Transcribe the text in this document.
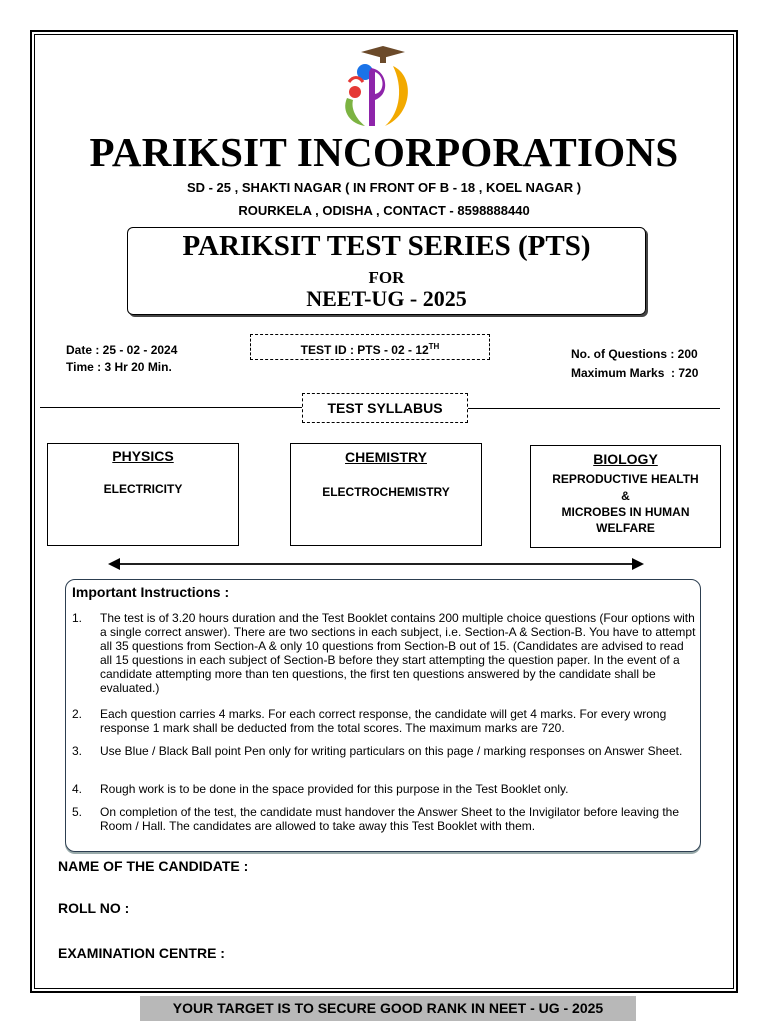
PARIKSIT INCORPORATIONS
SD - 25 , SHAKTI NAGAR ( IN FRONT OF B - 18 , KOEL NAGAR )
ROURKELA , ODISHA , CONTACT - 8598888440
PARIKSIT TEST SERIES (PTS)
FOR
NEET-UG - 2025
Date : 25 - 02 - 2024
Time : 3 Hr 20 Min.
TEST ID : PTS - 02 - 12TH
No. of Questions : 200
Maximum Marks  : 720
TEST SYLLABUS
PHYSICS
ELECTRICITY
CHEMISTRY
ELECTROCHEMISTRY
BIOLOGY
REPRODUCTIVE HEALTH
&
MICROBES IN HUMAN
WELFARE
Important Instructions :
1.	The test is of 3.20 hours duration and the Test Booklet contains 200 multiple choice questions (Four options with a single correct answer). There are two sections in each subject, i.e. Section-A & Section-B. You have to attempt all 35 questions from Section-A & only 10 questions from Section-B out of 15. (Candidates are advised to read all 15 questions in each subject of Section-B before they start attempting the question paper. In the event of a candidate attempting more than ten questions, the first ten questions answered by the candidate shall be evaluated.)
2.	Each question carries 4 marks. For each correct response, the candidate will get 4 marks. For every wrong response 1 mark shall be deducted from the total scores. The maximum marks are 720.
3.	Use Blue / Black Ball point Pen only for writing particulars on this page / marking responses on Answer Sheet.
4.	Rough work is to be done in the space provided for this purpose in the Test Booklet only.
5.	On completion of the test, the candidate must handover the Answer Sheet to the Invigilator before leaving the Room / Hall. The candidates are allowed to take away this Test Booklet with them.
NAME OF THE CANDIDATE :
ROLL NO :
EXAMINATION CENTRE :
YOUR TARGET IS TO SECURE GOOD RANK IN NEET - UG - 2025
